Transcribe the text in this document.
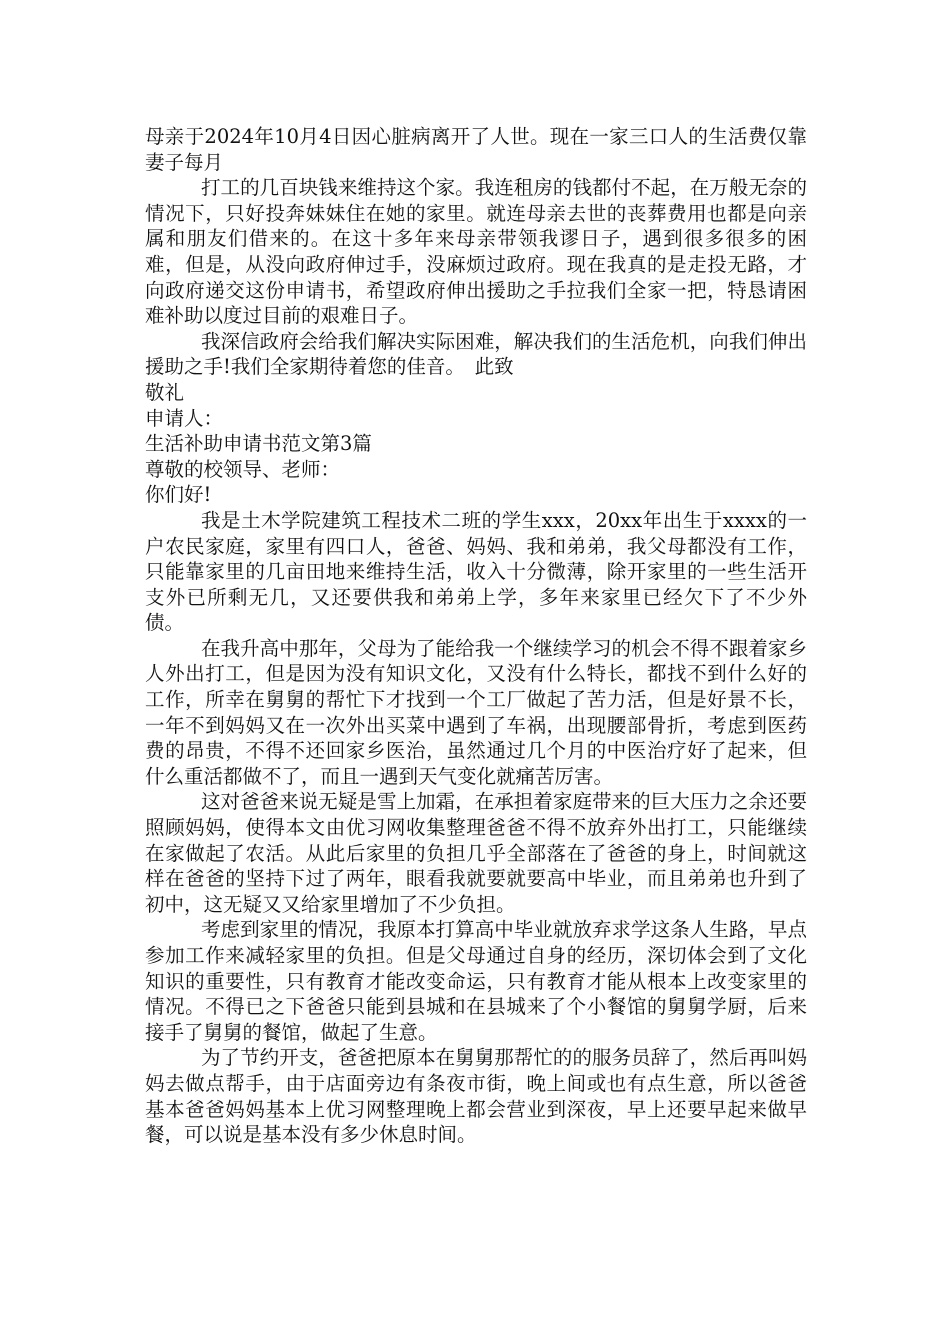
母亲于2024年10月4日因心脏病离开了人世。现在一家三口人的生活费仅靠妻子每月

打工的几百块钱来维持这个家。我连租房的钱都付不起，在万般无奈的情况下，只好投奔妹妹住在她的家里。就连母亲去世的丧葬费用也都是向亲属和朋友们借来的。在这十多年来母亲带领我谬日子，遇到很多很多的困难，但是，从没向政府伸过手，没麻烦过政府。现在我真的是走投无路，才向政府递交这份申请书，希望政府伸出援助之手拉我们全家一把，特恳请困难补助以度过目前的艰难日子。

我深信政府会给我们解决实际困难，解决我们的生活危机，向我们伸出援助之手!我们全家期待着您的佳音。　此致

敬礼

申请人：

生活补助申请书范文第3篇

尊敬的校领导、老师：

你们好!

我是土木学院建筑工程技术二班的学生xxx，20xx年出生于xxxx的一户农民家庭，家里有四口人，爸爸、妈妈、我和弟弟，我父母都没有工作，只能靠家里的几亩田地来维持生活，收入十分微薄，除开家里的一些生活开支外已所剩无几，又还要供我和弟弟上学，多年来家里已经欠下了不少外债。

在我升高中那年，父母为了能给我一个继续学习的机会不得不跟着家乡人外出打工，但是因为没有知识文化，又没有什么特长，都找不到什么好的工作，所幸在舅舅的帮忙下才找到一个工厂做起了苦力活，但是好景不长，一年不到妈妈又在一次外出买菜中遇到了车祸，出现腰部骨折，考虑到医药费的昂贵，不得不还回家乡医治，虽然通过几个月的中医治疗好了起来，但什么重活都做不了，而且一遇到天气变化就痛苦厉害。

这对爸爸来说无疑是雪上加霜，在承担着家庭带来的巨大压力之余还要照顾妈妈，使得本文由优习网收集整理爸爸不得不放弃外出打工，只能继续在家做起了农活。从此后家里的负担几乎全部落在了爸爸的身上，时间就这样在爸爸的坚持下过了两年，眼看我就要就要高中毕业，而且弟弟也升到了初中，这无疑又又给家里增加了不少负担。

考虑到家里的情况，我原本打算高中毕业就放弃求学这条人生路，早点参加工作来减轻家里的负担。但是父母通过自身的经历，深切体会到了文化知识的重要性，只有教育才能改变命运，只有教育才能从根本上改变家里的情况。不得已之下爸爸只能到县城和在县城来了个小餐馆的舅舅学厨，后来接手了舅舅的餐馆，做起了生意。

为了节约开支，爸爸把原本在舅舅那帮忙的的服务员辞了，然后再叫妈妈去做点帮手，由于店面旁边有条夜市街，晚上间或也有点生意，所以爸爸基本爸爸妈妈基本上优习网整理晚上都会营业到深夜，早上还要早起来做早餐，可以说是基本没有多少休息时间。
